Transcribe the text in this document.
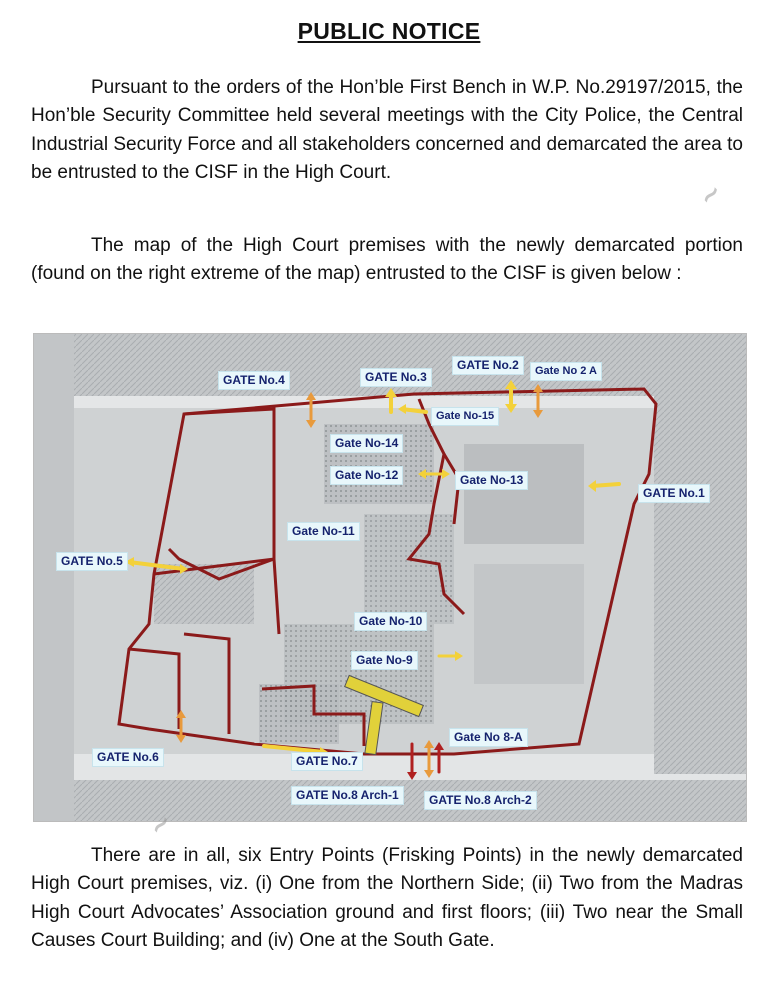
PUBLIC NOTICE

Pursuant to the orders of the Hon’ble First Bench in W.P. No.29197/2015, the Hon’ble Security Committee held several meetings with the City Police, the Central Industrial Security Force and all stakeholders concerned and demarcated the area to be entrusted to the CISF in the High Court.

The map of the High Court premises with the newly demarcated portion (found on the right extreme of the map) entrusted to the CISF is given below :

GATE No.4	GATE No.3
GATE No.2	Gate No 2 A
Gate No-15
Gate No-14
Gate No-12	Gate No-13
GATE No.1
Gate No-11
GATE No.5
Gate No-10
Gate No-9
Gate No 8-A
GATE No.6	GATE No.7
GATE No.8 Arch-1	GATE No.8 Arch-2

There are in all, six Entry Points (Frisking Points) in the newly demarcated High Court premises, viz. (i) One from the Northern Side; (ii) Two from the Madras High Court Advocates’ Association ground and first floors; (iii) Two near the Small Causes Court Building; and (iv) One at the South Gate.

~
~
